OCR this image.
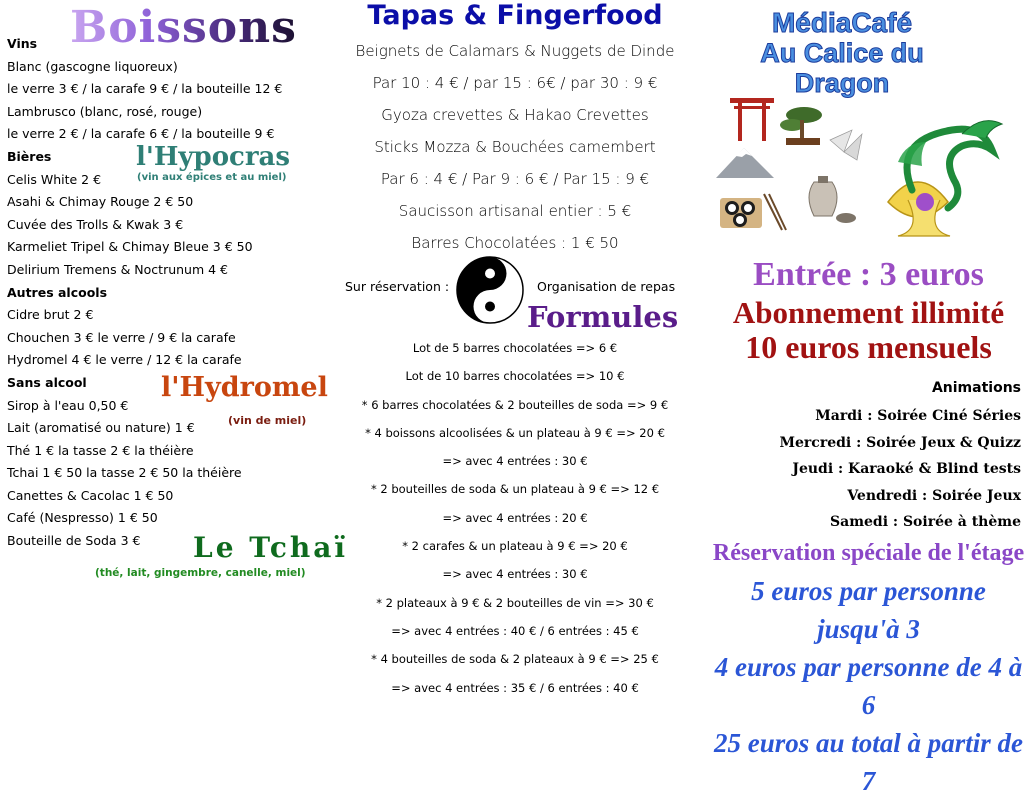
Boissons
Vins
Blanc (gascogne liquoreux)
le verre 3 € / la carafe 9 € / la bouteille 12 €
Lambrusco (blanc, rosé, rouge)
le verre 2 € / la carafe 6 € / la bouteille 9 €
Bières
Celis White 2 €
Asahi & Chimay Rouge 2 € 50
Cuvée des Trolls & Kwak 3 €
Karmeliet Tripel & Chimay Bleue 3 € 50
Delirium Tremens & Noctrunum 4 €
Autres alcools
Cidre brut 2 €
Chouchen 3 € le verre / 9 € la carafe
Hydromel 4 € le verre / 12 € la carafe
Sans alcool
Sirop à l'eau 0,50 €
Lait (aromatisé ou nature) 1 €
Thé 1 € la tasse 2 € la théière
Tchai 1 € 50 la tasse 2 € 50 la théière
Canettes & Cacolac 1 € 50
Café (Nespresso) 1 € 50
Bouteille de Soda 3 €
l'Hypocras
(vin aux épices et au miel)
l'Hydromel
(vin de miel)
Le Tchaï
(thé, lait, gingembre, canelle, miel)
Tapas & Fingerfood
Beignets de Calamars & Nuggets de Dinde
Par 10 : 4 € / par 15 : 6€ / par 30 : 9 €
Gyoza crevettes & Hakao Crevettes
Sticks Mozza & Bouchées camembert
Par 6 : 4 € / Par 9 : 6 € / Par 15 : 9 €
Saucisson artisanal entier : 5 €
Barres Chocolatées : 1 € 50
Sur réservation :	Organisation de repas
Formules
Lot de 5 barres chocolatées => 6 €
Lot de 10 barres chocolatées => 10 €
* 6 barres chocolatées & 2 bouteilles de soda => 9 €
* 4 boissons alcoolisées & un plateau à 9 € => 20 €
=> avec 4 entrées : 30 €
* 2 bouteilles de soda & un plateau à 9 € => 12 €
=> avec 4 entrées : 20 €
* 2 carafes & un plateau à 9 € => 20 €
=> avec 4 entrées : 30 €
* 2 plateaux à 9 € & 2 bouteilles de vin => 30 €
=> avec 4 entrées : 40 € / 6 entrées : 45 €
* 4 bouteilles de soda & 2 plateaux à 9 € => 25 €
=> avec 4 entrées : 35 € / 6 entrées : 40 €
MédiaCafé
Au Calice du Dragon
Entrée : 3 euros
Abonnement illimité
10 euros mensuels
Animations
Mardi : Soirée Ciné Séries
Mercredi : Soirée Jeux & Quizz
Jeudi : Karaoké & Blind tests
Vendredi : Soirée Jeux
Samedi : Soirée à thème
Réservation spéciale de l'étage
5 euros par personne jusqu'à 3
4 euros par personne de 4 à 6
25 euros au total à partir de 7
